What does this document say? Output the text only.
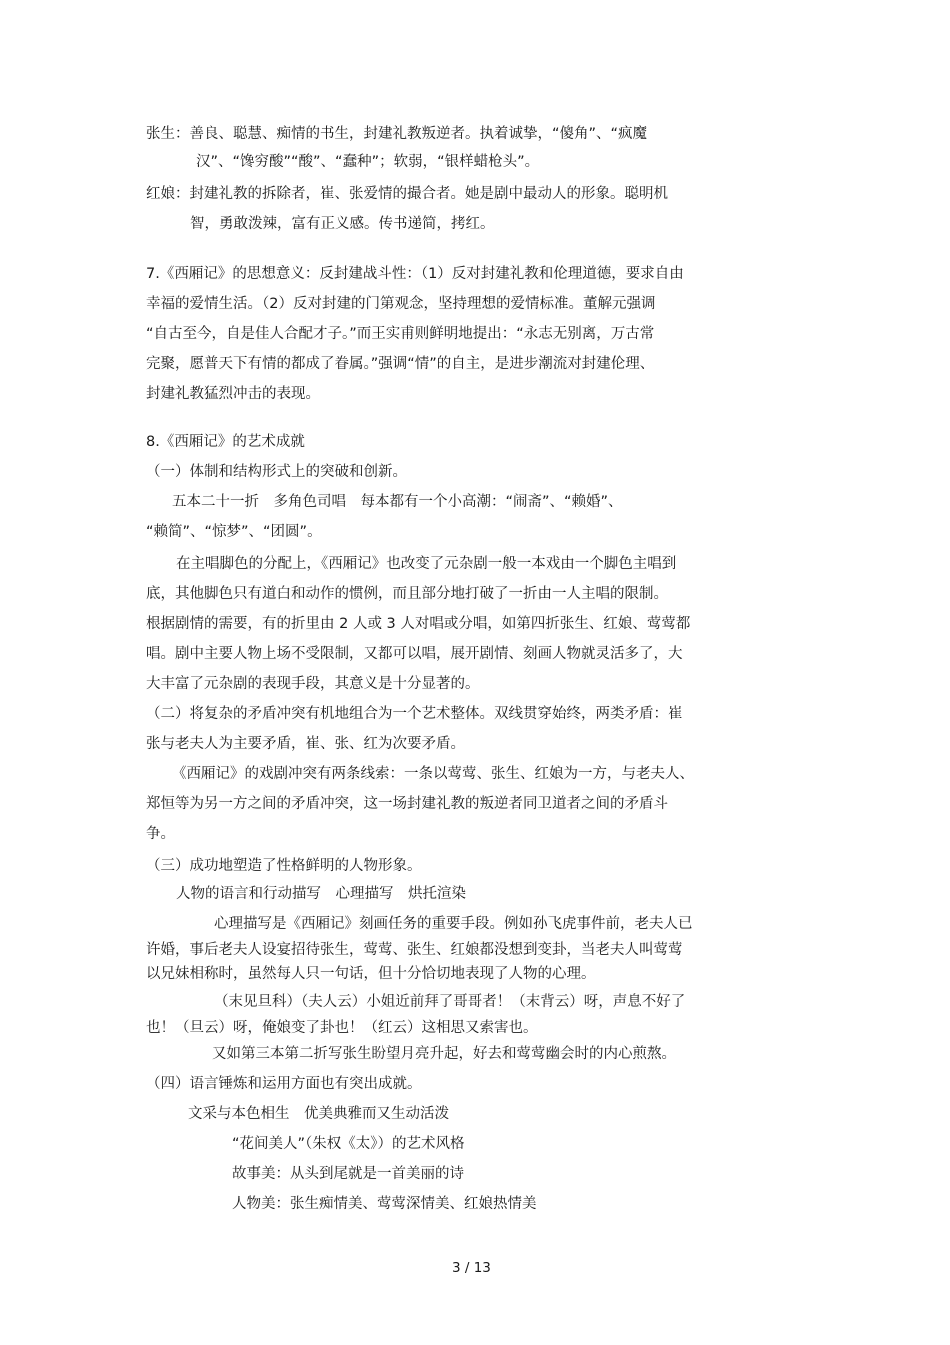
张生：善良、聪慧、痴情的书生，封建礼教叛逆者。执着诚挚，“傻角”、“疯魔
汉”、“馋穷酸”“酸”、“蠢种”；软弱，“银样蜡枪头”。
红娘：封建礼教的拆除者，崔、张爱情的撮合者。她是剧中最动人的形象。聪明机
智，勇敢泼辣，富有正义感。传书递简，拷红。
7.《西厢记》的思想意义：反封建战斗性：（1）反对封建礼教和伦理道德，要求自由
幸福的爱情生活。（2）反对封建的门第观念，坚持理想的爱情标准。董解元强调
“自古至今，自是佳人合配才子。”而王实甫则鲜明地提出：“永志无别离，万古常
完聚，愿普天下有情的都成了眷属。”强调“情”的自主，是进步潮流对封建伦理、
封建礼教猛烈冲击的表现。
8.《西厢记》的艺术成就
（一）体制和结构形式上的突破和创新。
五本二十一折　多角色司唱　每本都有一个小高潮：“闹斋”、“赖婚”、
“赖简”、“惊梦”、“团圆”。
在主唱脚色的分配上，《西厢记》也改变了元杂剧一般一本戏由一个脚色主唱到
底，其他脚色只有道白和动作的惯例，而且部分地打破了一折由一人主唱的限制。
根据剧情的需要，有的折里由 2 人或 3 人对唱或分唱，如第四折张生、红娘、莺莺都
唱。剧中主要人物上场不受限制，又都可以唱，展开剧情、刻画人物就灵活多了，大
大丰富了元杂剧的表现手段，其意义是十分显著的。
（二）将复杂的矛盾冲突有机地组合为一个艺术整体。双线贯穿始终，两类矛盾：崔
张与老夫人为主要矛盾，崔、张、红为次要矛盾。
《西厢记》的戏剧冲突有两条线索：一条以莺莺、张生、红娘为一方，与老夫人、
郑恒等为另一方之间的矛盾冲突，这一场封建礼教的叛逆者同卫道者之间的矛盾斗
争。
（三）成功地塑造了性格鲜明的人物形象。
人物的语言和行动描写　心理描写　烘托渲染
心理描写是《西厢记》刻画任务的重要手段。例如孙飞虎事件前，老夫人已
许婚，事后老夫人设宴招待张生，莺莺、张生、红娘都没想到变卦，当老夫人叫莺莺
以兄妹相称时，虽然每人只一句话，但十分恰切地表现了人物的心理。
（末见旦科）（夫人云）小姐近前拜了哥哥者！（末背云）呀，声息不好了
也！（旦云）呀，俺娘变了卦也！（红云）这相思又索害也。
又如第三本第二折写张生盼望月亮升起，好去和莺莺幽会时的内心煎熬。
（四）语言锤炼和运用方面也有突出成就。
文采与本色相生　优美典雅而又生动活泼
“花间美人”（朱权《太》）的艺术风格
故事美：从头到尾就是一首美丽的诗
人物美：张生痴情美、莺莺深情美、红娘热情美
3 / 13
